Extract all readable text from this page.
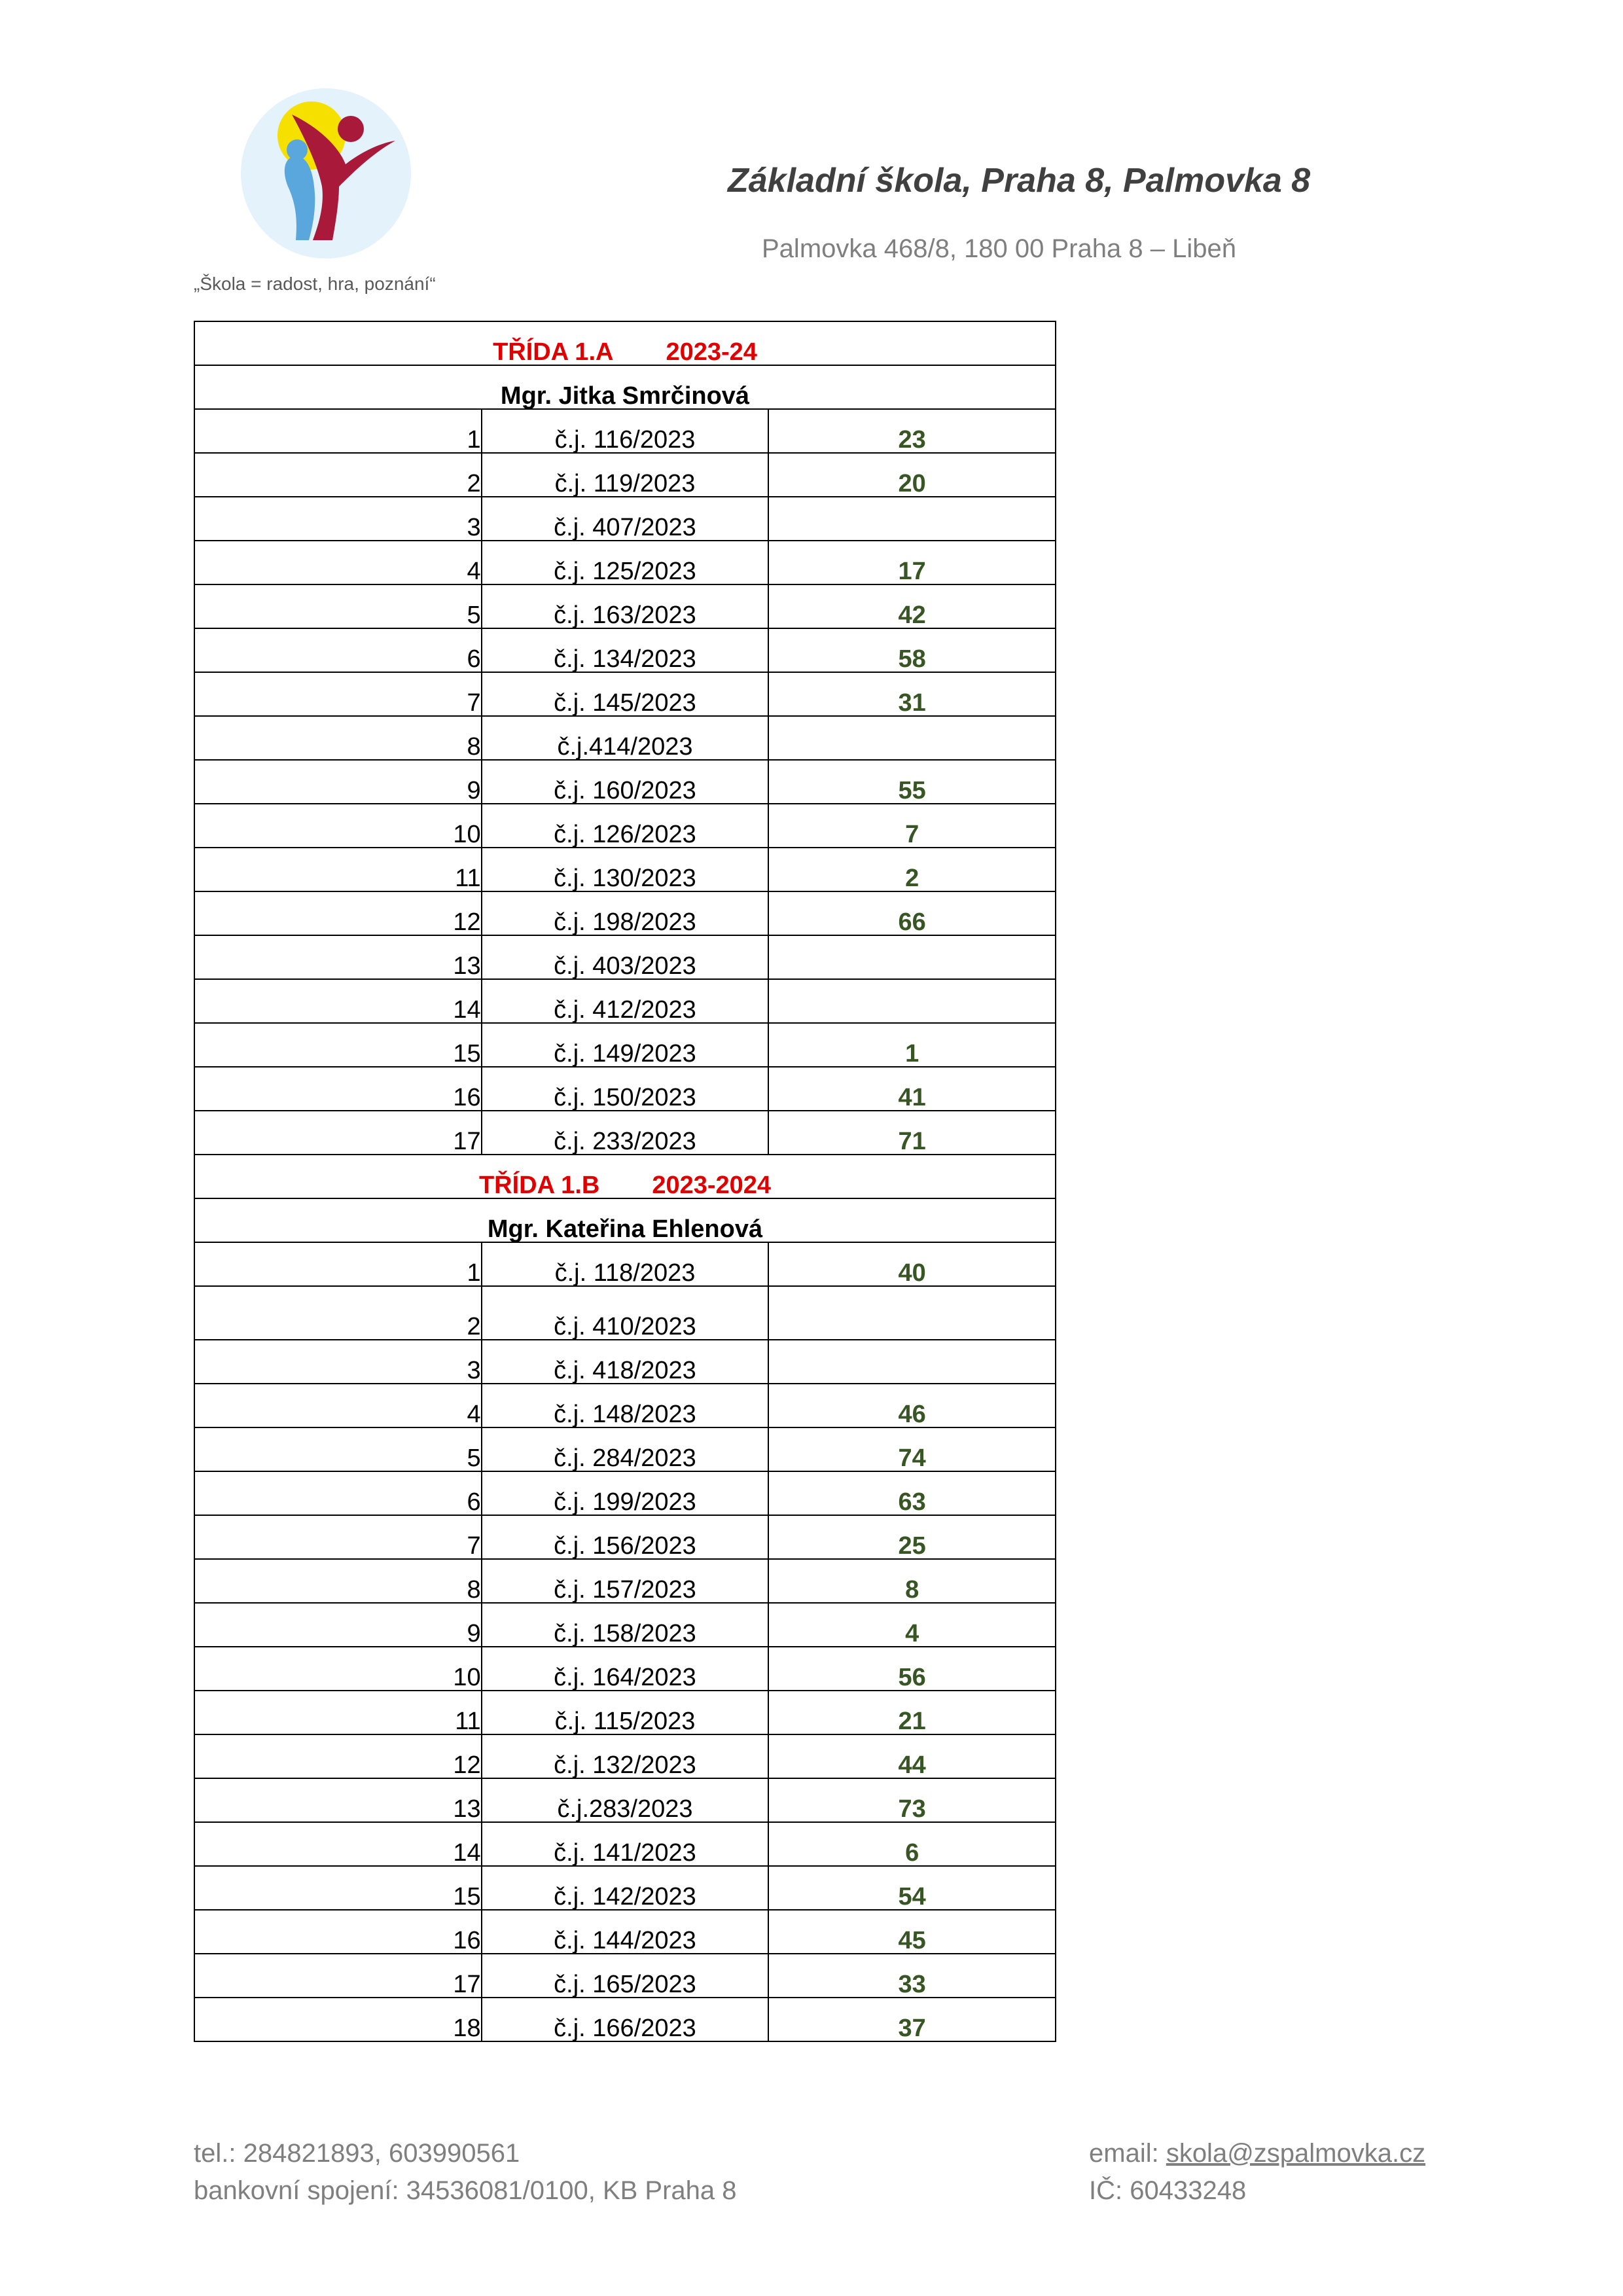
„Škola = radost, hra, poznání“
Základní škola, Praha 8, Palmovka 8
Palmovka 468/8, 180 00 Praha 8 – Libeň
TŘÍDA 1.A 2023-24		
Mgr. Jitka Smrčinová		
1	č.j. 116/2023	23
2	č.j. 119/2023	20
3	č.j. 407/2023	
4	č.j. 125/2023	17
5	č.j. 163/2023	42
6	č.j. 134/2023	58
7	č.j. 145/2023	31
8	č.j.414/2023	
9	č.j. 160/2023	55
10	č.j. 126/2023	7
11	č.j. 130/2023	2
12	č.j. 198/2023	66
13	č.j. 403/2023	
14	č.j. 412/2023	
15	č.j. 149/2023	1
16	č.j. 150/2023	41
17	č.j. 233/2023	71
TŘÍDA 1.B 2023-2024		
Mgr. Kateřina Ehlenová		
1	č.j. 118/2023	40
2	č.j. 410/2023	
3	č.j. 418/2023	
4	č.j. 148/2023	46
5	č.j. 284/2023	74
6	č.j. 199/2023	63
7	č.j. 156/2023	25
8	č.j. 157/2023	8
9	č.j. 158/2023	4
10	č.j. 164/2023	56
11	č.j. 115/2023	21
12	č.j. 132/2023	44
13	č.j.283/2023	73
14	č.j. 141/2023	6
15	č.j. 142/2023	54
16	č.j. 144/2023	45
17	č.j. 165/2023	33
18	č.j. 166/2023	37
tel.: 284821893, 603990561
bankovní spojení: 34536081/0100, KB Praha 8
email: skola@zspalmovka.cz
IČ: 60433248
